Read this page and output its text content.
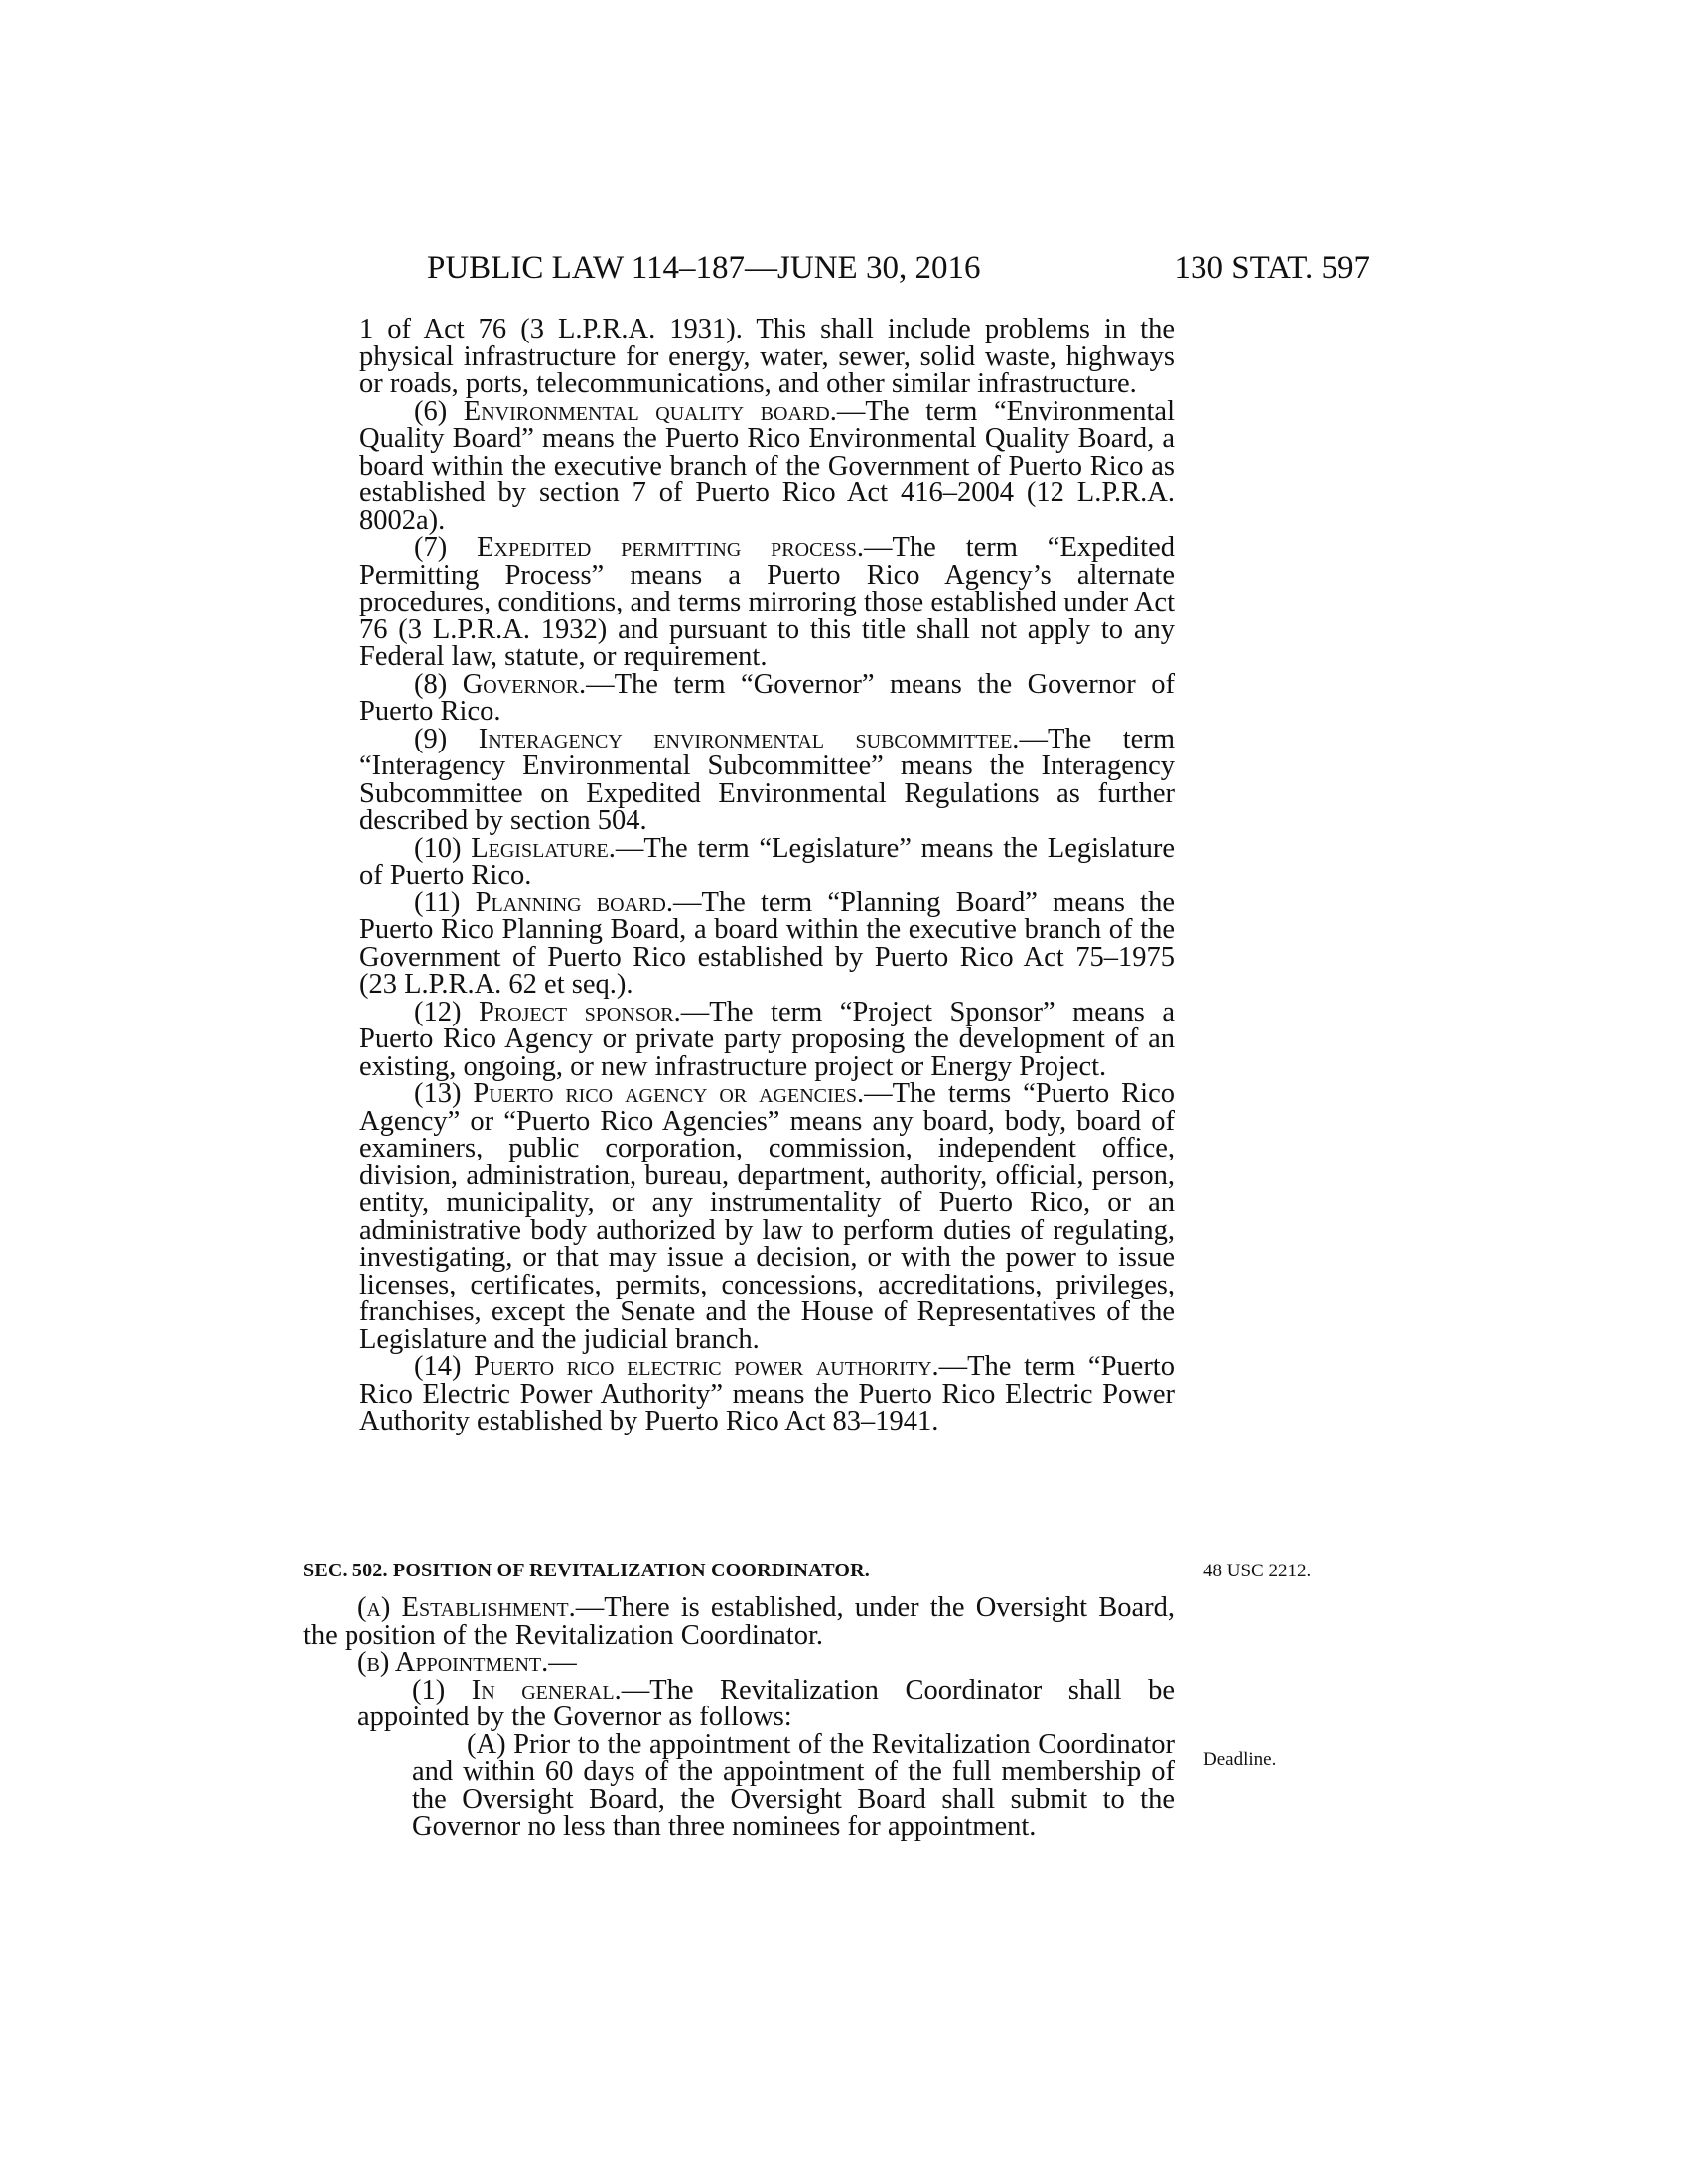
PUBLIC LAW 114–187—JUNE 30, 2016	130 STAT. 597

1 of Act 76 (3 L.P.R.A. 1931). This shall include problems in the physical infrastructure for energy, water, sewer, solid waste, highways or roads, ports, telecommunications, and other similar infrastructure.

(6) Environmental quality board.—The term “Environmental Quality Board” means the Puerto Rico Environmental Quality Board, a board within the executive branch of the Government of Puerto Rico as established by section 7 of Puerto Rico Act 416–2004 (12 L.P.R.A. 8002a).

(7) Expedited permitting process.—The term “Expedited Permitting Process” means a Puerto Rico Agency’s alternate procedures, conditions, and terms mirroring those established under Act 76 (3 L.P.R.A. 1932) and pursuant to this title shall not apply to any Federal law, statute, or requirement.

(8) Governor.—The term “Governor” means the Governor of Puerto Rico.

(9) Interagency environmental subcommittee.—The term “Interagency Environmental Subcommittee” means the Interagency Subcommittee on Expedited Environmental Regulations as further described by section 504.

(10) Legislature.—The term “Legislature” means the Legislature of Puerto Rico.

(11) Planning board.—The term “Planning Board” means the Puerto Rico Planning Board, a board within the executive branch of the Government of Puerto Rico established by Puerto Rico Act 75–1975 (23 L.P.R.A. 62 et seq.).

(12) Project sponsor.—The term “Project Sponsor” means a Puerto Rico Agency or private party proposing the development of an existing, ongoing, or new infrastructure project or Energy Project.

(13) Puerto rico agency or agencies.—The terms “Puerto Rico Agency” or “Puerto Rico Agencies” means any board, body, board of examiners, public corporation, commission, independent office, division, administration, bureau, department, authority, official, person, entity, municipality, or any instrumentality of Puerto Rico, or an administrative body authorized by law to perform duties of regulating, investigating, or that may issue a decision, or with the power to issue licenses, certificates, permits, concessions, accreditations, privileges, franchises, except the Senate and the House of Representatives of the Legislature and the judicial branch.

(14) Puerto rico electric power authority.—The term “Puerto Rico Electric Power Authority” means the Puerto Rico Electric Power Authority established by Puerto Rico Act 83–1941.

SEC. 502. POSITION OF REVITALIZATION COORDINATOR.	48 USC 2212.

(a) Establishment.—There is established, under the Oversight Board, the position of the Revitalization Coordinator.

(b) Appointment.—

(1) In general.—The Revitalization Coordinator shall be appointed by the Governor as follows:

(A) Prior to the appointment of the Revitalization Coordinator and within 60 days of the appointment of the full membership of the Oversight Board, the Oversight Board shall submit to the Governor no less than three nominees for appointment.

Deadline.
